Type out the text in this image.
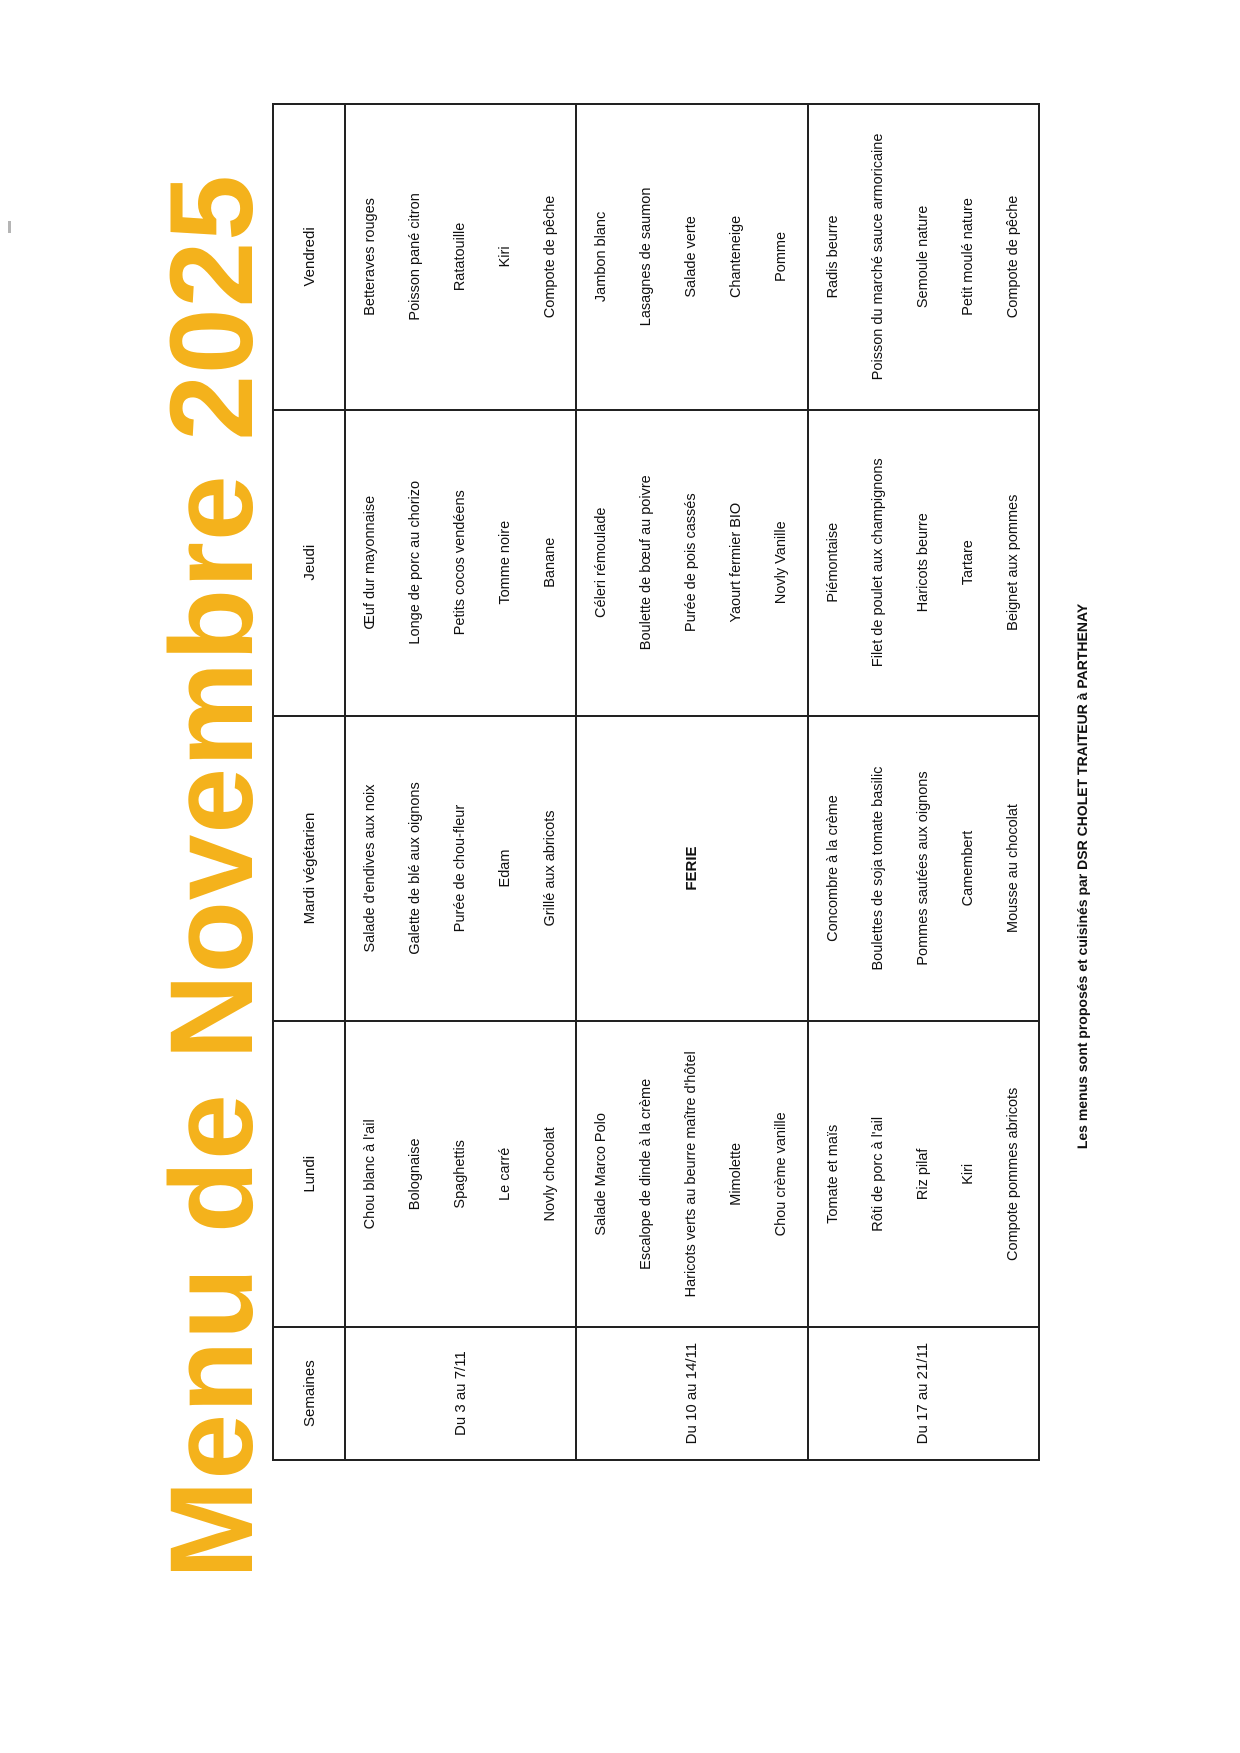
Menu de Novembre 2025 Semaines	Lundi	Mardi végétarien	Jeudi	Vendredi
Du 3 au 7/11	Chou blanc à l'ail Bolognaise Spaghettis Le carré Novly chocolat	Salade d'endives aux noix Galette de blé aux oignons Purée de chou-fleur Edam Grillé aux abricots	Œuf dur mayonnaise Longe de porc au chorizo Petits cocos vendéens Tomme noire Banane	Betteraves rouges Poisson pané citron Ratatouille Kiri Compote de pêche

Du 10 au 14/11	Salade Marco Polo Escalope de dinde à la crème Haricots verts au beurre maître d'hôtel Mimolette Chou crème vanille	FERIE	Céleri rémoulade Boulette de bœuf au poivre Purée de pois cassés Yaourt fermier BIO Novly Vanille	Jambon blanc Lasagnes de saumon Salade verte Chanteneige Pomme

Du 17 au 21/11	Tomate et maïs Rôti de porc à l'ail Riz pilaf Kiri Compote pommes abricots	Concombre à la crème Boulettes de soja tomate basilic Pommes sautées aux oignons Camembert Mousse au chocolat	Piémontaise Filet de poulet aux champignons Haricots beurre Tartare Beignet aux pommes	Radis beurre Poisson du marché sauce armoricaine Semoule nature Petit moulé nature Compote de pêche
Les menus sont proposés et cuisinés par DSR CHOLET TRAITEUR à PARTHENAY
